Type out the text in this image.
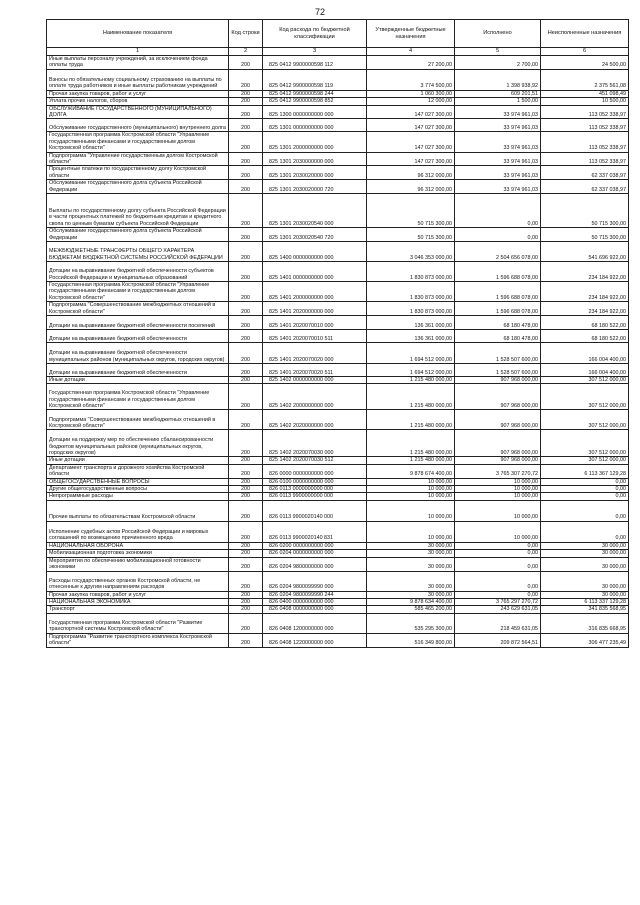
72
Наименование показателя	Код строки	Код расхода по бюджетной классификации	Утвержденные бюджетные назначения	Исполнено	Неисполненные назначения
1	2	3	4	5	6
Иные выплаты персоналу учреждений, за исключением фонда оплаты труда	200	825 0412 9900000598 112	27 200,00	2 700,00	24 500,00
Взносы по обязательному социальному страхованию на выплаты по оплате труда работников и иные выплаты работникам учреждений	200	825 0412 9900000598 119	3 774 500,00	1 398 938,92	2 375 561,08
Прочая закупка товаров, работ и услуг	200	825 0412 9900000598 244	1 060 300,00	609 201,51	451 098,49
Уплата прочих налогов, сборов	200	825 0412 9900000598 852	12 000,00	1 500,00	10 500,00
ОБСЛУЖИВАНИЕ ГОСУДАРСТВЕННОГО (МУНИЦИПАЛЬНОГО) ДОЛГА	200	825 1300 0000000000 000	147 027 300,00	33 974 961,03	113 052 338,97
Обслуживание государственного (муниципального) внутреннего долга	200	825 1301 0000000000 000	147 027 300,00	33 974 961,03	113 052 338,97
Государственная программа Костромской области "Управление государственными финансами и государственным долгом Костромской области"	200	825 1301 2000000000 000	147 027 300,00	33 974 961,03	113 052 338,97
Подпрограмма "Управление государственным долгом Костромской области"	200	825 1301 2030000000 000	147 027 300,00	33 974 961,03	113 052 338,97
Процентные платежи по государственному долгу Костромской области	200	825 1301 2030020000 000	96 312 000,00	33 974 961,03	62 337 038,97
Обслуживание государственного долга субъекта Российской Федерации	200	825 1301 2030020000 720	96 312 000,00	33 974 961,03	62 337 038,97
Выплаты по государственному долгу субъекта Российской Федерации в части процентных платежей по бюджетным кредитам и кредитного свопа по ценным бумагам субъекта Российской Федерации	200	825 1301 2030020540 000	50 715 300,00	0,00	50 715 300,00
Обслуживание государственного долга субъекта Российской Федерации	200	825 1301 2030020540 720	50 715 300,00	0,00	50 715 300,00
МЕЖБЮДЖЕТНЫЕ ТРАНСФЕРТЫ ОБЩЕГО ХАРАКТЕРА БЮДЖЕТАМ БЮДЖЕТНОЙ СИСТЕМЫ РОССИЙСКОЙ ФЕДЕРАЦИИ	200	825 1400 0000000000 000	3 046 353 000,00	2 504 656 078,00	541 696 922,00
Дотации на выравнивание бюджетной обеспеченности субъектов Российской Федерации и муниципальных образований	200	825 1401 0000000000 000	1 830 873 000,00	1 596 688 078,00	234 184 922,00
Государственная программа Костромской области "Управление государственными финансами и государственным долгом Костромской области"	200	825 1401 2000000000 000	1 830 873 000,00	1 596 688 078,00	234 184 922,00
Подпрограмма "Совершенствование межбюджетных отношений в Костромской области"	200	825 1401 2020000000 000	1 830 873 000,00	1 596 688 078,00	234 184 922,00
Дотации на выравнивание бюджетной обеспеченности поселений	200	825 1401 2020070010 000	136 361 000,00	68 180 478,00	68 180 522,00
Дотации на выравнивание бюджетной обеспеченности	200	825 1401 2020070010 511	136 361 000,00	68 180 478,00	68 180 522,00
Дотации на выравнивание бюджетной обеспеченности муниципальных районов (муниципальных округов, городских округов)	200	825 1401 2020070020 000	1 694 512 000,00	1 528 507 600,00	166 004 400,00
Дотации на выравнивание бюджетной обеспеченности	200	825 1401 2020070020 511	1 694 512 000,00	1 528 507 600,00	166 004 400,00
Иные дотации	200	825 1402 0000000000 000	1 215 480 000,00	907 968 000,00	307 512 000,00
Государственная программа Костромской области "Управление государственными финансами и государственным долгом Костромской области"	200	825 1402 2000000000 000	1 215 480 000,00	907 968 000,00	307 512 000,00
Подпрограмма "Совершенствование межбюджетных отношений в Костромской области"	200	825 1402 2020000000 000	1 215 480 000,00	907 968 000,00	307 512 000,00
Дотации на поддержку мер по обеспечению сбалансированности бюджетов муниципальных районов (муниципальных округов, городских округов)	200	825 1402 2020070030 000	1 215 480 000,00	907 968 000,00	307 512 000,00
Иные дотации	200	825 1402 2020070030 512	1 215 480 000,00	907 968 000,00	307 512 000,00
Департамент транспорта и дорожного хозяйства Костромской области	200	826 0000 0000000000 000	9 878 674 400,00	3 765 307 270,72	6 113 367 129,28
ОБЩЕГОСУДАРСТВЕННЫЕ ВОПРОСЫ	200	826 0100 0000000000 000	10 000,00	10 000,00	0,00
Другие общегосударственные вопросы	200	826 0113 0000000000 000	10 000,00	10 000,00	0,00
Непрограммные расходы	200	826 0113 9900000000 000	10 000,00	10 000,00	0,00
Прочие выплаты по обязательствам Костромской области	200	826 0113 9900020140 000	10 000,00	10 000,00	0,00
Исполнение судебных актов Российской Федерации и мировых соглашений по возмещению причиненного вреда	200	826 0113 9900020140 831	10 000,00	10 000,00	0,00
НАЦИОНАЛЬНАЯ ОБОРОНА	200	826 0200 0000000000 000	30 000,00	0,00	30 000,00
Мобилизационная подготовка экономики	200	826 0204 0000000000 000	30 000,00	0,00	30 000,00
Мероприятия по обеспечению мобилизационной готовности экономики	200	826 0204 9800000000 000	30 000,00	0,00	30 000,00
Расходы государственных органов Костромской области, не отнесенные к другим направлениям расходов	200	826 0204 9800099990 000	30 000,00	0,00	30 000,00
Прочая закупка товаров, работ и услуг	200	826 0204 9800099990 244	30 000,00	0,00	30 000,00
НАЦИОНАЛЬНАЯ ЭКОНОМИКА	200	826 0400 0000000000 000	9 878 634 400,00	3 765 297 270,72	6 113 337 129,28
Транспорт	200	826 0408 0000000000 000	585 465 200,00	243 629 631,05	341 835 568,95
Государственная программа Костромской области "Развитие транспортной системы Костромской области"	200	826 0408 1200000000 000	535 295 300,00	218 459 631,05	316 835 668,95
Подпрограмма "Развитие транспортного комплекса Костромской области"	200	826 0408 1220000000 000	516 349 800,00	209 872 564,51	306 477 235,49
